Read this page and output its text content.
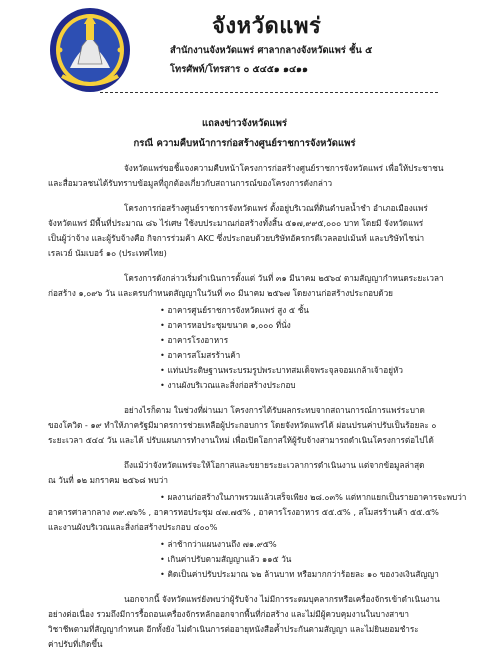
จังหวัดแพร่
สำนักงานจังหวัดแพร่ ศาลากลางจังหวัดแพร่ ชั้น ๕
โทรศัพท์/โทรสาร ๐ ๕๔๕๑ ๑๔๑๑
แถลงข่าวจังหวัดแพร่
กรณี ความคืบหน้าการก่อสร้างศูนย์ราชการจังหวัดแพร่
จังหวัดแพร่ขอชี้แจงความคืบหน้าโครงการก่อสร้างศูนย์ราชการจังหวัดแพร่ เพื่อให้ประชาชน
และสื่อมวลชนได้รับทราบข้อมูลที่ถูกต้องเกี่ยวกับสถานการณ์ของโครงการดังกล่าว
โครงการก่อสร้างศูนย์ราชการจังหวัดแพร่ ตั้งอยู่บริเวณที่ดินตำบลน้ำชำ อำเภอเมืองแพร่
จังหวัดแพร่ มีพื้นที่ประมาณ ๘๖ ไร่เศษ ใช้งบประมาณก่อสร้างทั้งสิ้น ๕๑๗,๙๙๕,๐๐๐ บาท โดยมี จังหวัดแพร่
เป็นผู้ว่าจ้าง และผู้รับจ้างคือ กิจการร่วมค้า AKC ซึ่งประกอบด้วยบริษัทอัครกรดีเวลลอปเม้นท์ และบริษัทไชน่า
เรลเวย์ นัมเบอร์ ๑๐ (ประเทศไทย)
โครงการดังกล่าวเริ่มดำเนินการตั้งแต่ วันที่ ๓๑ มีนาคม ๒๕๖๔ ตามสัญญากำหนดระยะเวลา
ก่อสร้าง ๑,๐๙๖ วัน และครบกำหนดสัญญาในวันที่ ๓๐ มีนาคม ๒๕๖๗ โดยงานก่อสร้างประกอบด้วย
• อาคารศูนย์ราชการจังหวัดแพร่ สูง ๕ ชั้น
• อาคารหอประชุมขนาด ๑,๐๐๐ ที่นั่ง
• อาคารโรงอาหาร
• อาคารสโมสรร้านค้า
• แท่นประดิษฐานพระบรมรูปพระบาทสมเด็จพระจุลจอมเกล้าเจ้าอยู่หัว
• งานผังบริเวณและสิ่งก่อสร้างประกอบ
อย่างไรก็ตาม ในช่วงที่ผ่านมา โครงการได้รับผลกระทบจากสถานการณ์การแพร่ระบาด
ของโควิด - ๑๙ ทำให้ภาครัฐมีมาตรการช่วยเหลือผู้ประกอบการ โดยจังหวัดแพร่ได้ ผ่อนปรนค่าปรับเป็นร้อยละ ๐
ระยะเวลา ๕๔๔ วัน และได้ ปรับแผนการทำงานใหม่ เพื่อเปิดโอกาสให้ผู้รับจ้างสามารถดำเนินโครงการต่อไปได้
ถึงแม้ว่าจังหวัดแพร่จะให้โอกาสและขยายระยะเวลาการดำเนินงาน แต่จากข้อมูลล่าสุด
ณ วันที่ ๑๒ มกราคม ๒๕๖๘ พบว่า
• ผลงานก่อสร้างในภาพรวมแล้วเสร็จเพียง ๒๘.๐๓% แต่หากแยกเป็นรายอาคารจะพบว่า
อาคารศาลากลาง ๓๙.๗๖% , อาคารหอประชุม ๔๗.๗๕% , อาคารโรงอาหาร ๕๕.๕% , สโมสรร้านค้า ๕๕.๕%
และงานผังบริเวณและสิ่งก่อสร้างประกอบ ๔๐๐%
• ล่าช้ากว่าแผนงานถึง ๗๑.๙๕%
• เกินค่าปรับตามสัญญาแล้ว ๑๑๕ วัน
• คิดเป็นค่าปรับประมาณ ๖๒ ล้านบาท หรือมากกว่าร้อยละ ๑๐ ของวงเงินสัญญา
นอกจากนี้ จังหวัดแพร่ยังพบว่าผู้รับจ้าง ไม่มีการระดมบุคลากรหรือเครื่องจักรเข้าดำเนินงาน
อย่างต่อเนื่อง รวมถึงมีการรื้อถอนเครื่องจักรหลักออกจากพื้นที่ก่อสร้าง และไม่มีผู้ควบคุมงานในบางสาขา
วิชาชีพตามที่สัญญากำหนด อีกทั้งยัง ไม่ดำเนินการต่ออายุหนังสือค้ำประกันตามสัญญา และไม่ยินยอมชำระ
ค่าปรับที่เกิดขึ้น
